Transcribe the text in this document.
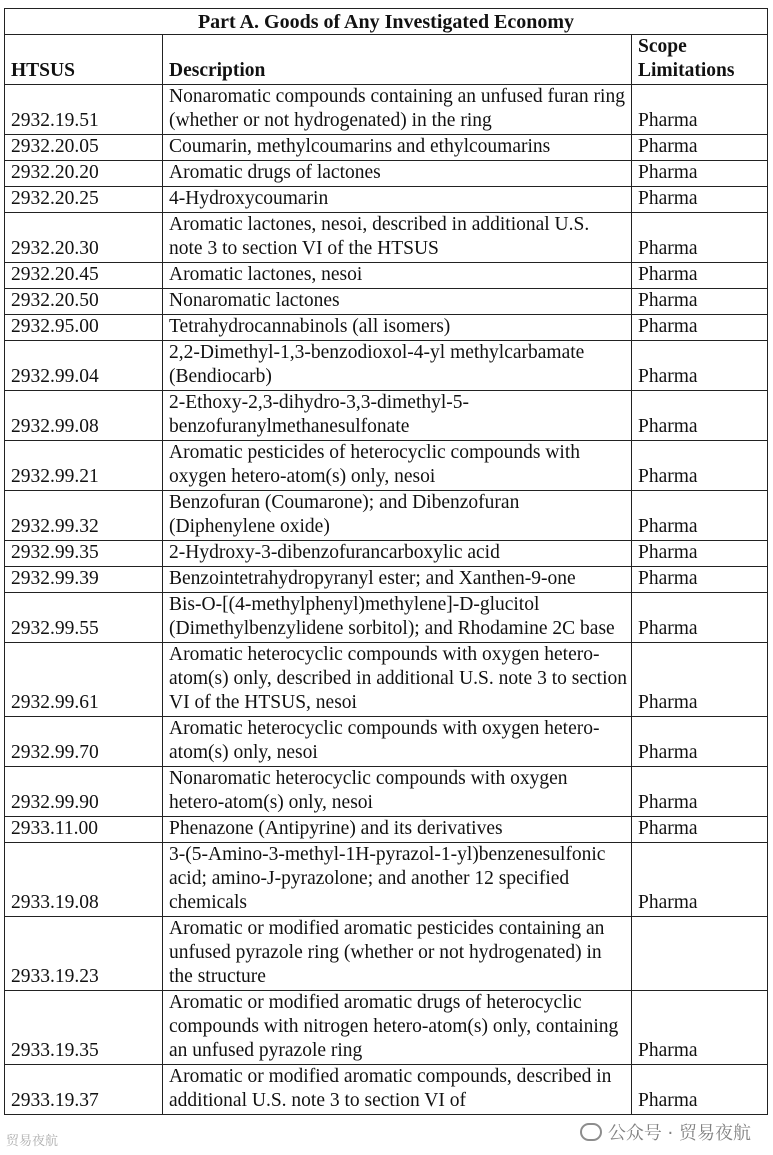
Part A. Goods of Any Investigated Economy		
HTSUS	Description	Scope
Limitations
2932.19.51	Nonaromatic compounds containing an unfused furan ring (whether or not hydrogenated) in the ring	Pharma
2932.20.05	Coumarin, methylcoumarins and ethylcoumarins	Pharma
2932.20.20	Aromatic drugs of lactones	Pharma
2932.20.25	4-Hydroxycoumarin	Pharma
2932.20.30	Aromatic lactones, nesoi, described in additional U.S. note 3 to section VI of the HTSUS	Pharma
2932.20.45	Aromatic lactones, nesoi	Pharma
2932.20.50	Nonaromatic lactones	Pharma
2932.95.00	Tetrahydrocannabinols (all isomers)	Pharma
2932.99.04	2,2-Dimethyl-1,3-benzodioxol-4-yl methylcarbamate (Bendiocarb)	Pharma
2932.99.08	2-Ethoxy-2,3-dihydro-3,3-dimethyl-5- benzofuranylmethanesulfonate	Pharma
2932.99.21	Aromatic pesticides of heterocyclic compounds with oxygen hetero-atom(s) only, nesoi	Pharma
2932.99.32	Benzofuran (Coumarone); and Dibenzofuran (Diphenylene oxide)	Pharma
2932.99.35	2-Hydroxy-3-dibenzofurancarboxylic acid	Pharma
2932.99.39	Benzointetrahydropyranyl ester; and Xanthen-9-one	Pharma
2932.99.55	Bis-O-[(4-methylphenyl)methylene]-D-glucitol (Dimethylbenzylidene sorbitol); and Rhodamine 2C base	Pharma
2932.99.61	Aromatic heterocyclic compounds with oxygen hetero-atom(s) only, described in additional U.S. note 3 to section VI of the HTSUS, nesoi	Pharma
2932.99.70	Aromatic heterocyclic compounds with oxygen hetero-atom(s) only, nesoi	Pharma
2932.99.90	Nonaromatic heterocyclic compounds with oxygen hetero-atom(s) only, nesoi	Pharma
2933.11.00	Phenazone (Antipyrine) and its derivatives	Pharma
2933.19.08	3-(5-Amino-3-methyl-1H-pyrazol-1-yl)benzenesulfonic acid; amino-J-pyrazolone; and another 12 specified chemicals	Pharma
2933.19.23	Aromatic or modified aromatic pesticides containing an unfused pyrazole ring (whether or not hydrogenated) in the structure	
2933.19.35	Aromatic or modified aromatic drugs of heterocyclic compounds with nitrogen hetero-atom(s) only, containing an unfused pyrazole ring	Pharma
2933.19.37	Aromatic or modified aromatic compounds, described in additional U.S. note 3 to section VI of	Pharma
公众号 · 贸易夜航
贸易夜航
